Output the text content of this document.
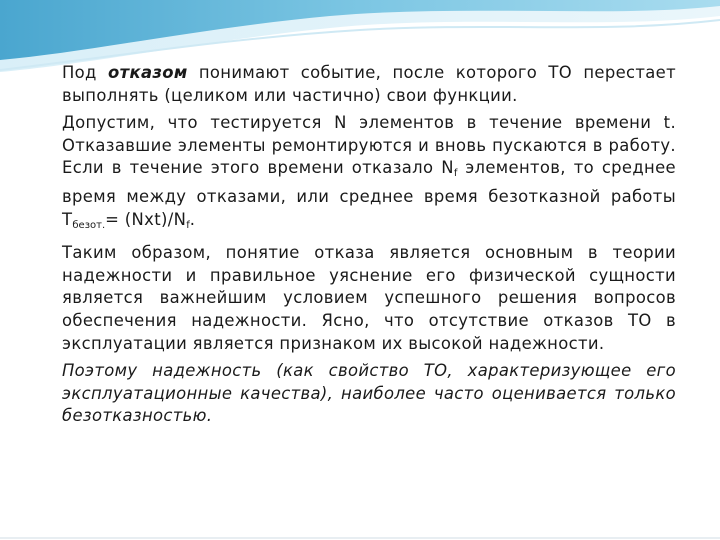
Под отказом понимают событие, после которого ТО перестает выполнять (целиком или частично) свои функции.

Допустим, что тестируется N элементов в течение времени t. Отказавшие элементы ремонтируются и вновь пускаются в работу. Если в течение этого времени отказало $N_f$ элементов, то среднее время между отказами, или среднее время безотказной работы $T_{безот.}= (Nxt)/N_f$.

Таким образом, понятие отказа является основным в теории надежности и правильное уяснение его физической сущности является важнейшим условием успешного решения вопросов обеспечения надежности. Ясно, что отсутствие отказов ТО в эксплуатации является признаком их высокой надежности.

Поэтому надежность (как свойство ТО, характеризующее его эксплуатационные качества), наиболее часто оценивается только безотказностью.
